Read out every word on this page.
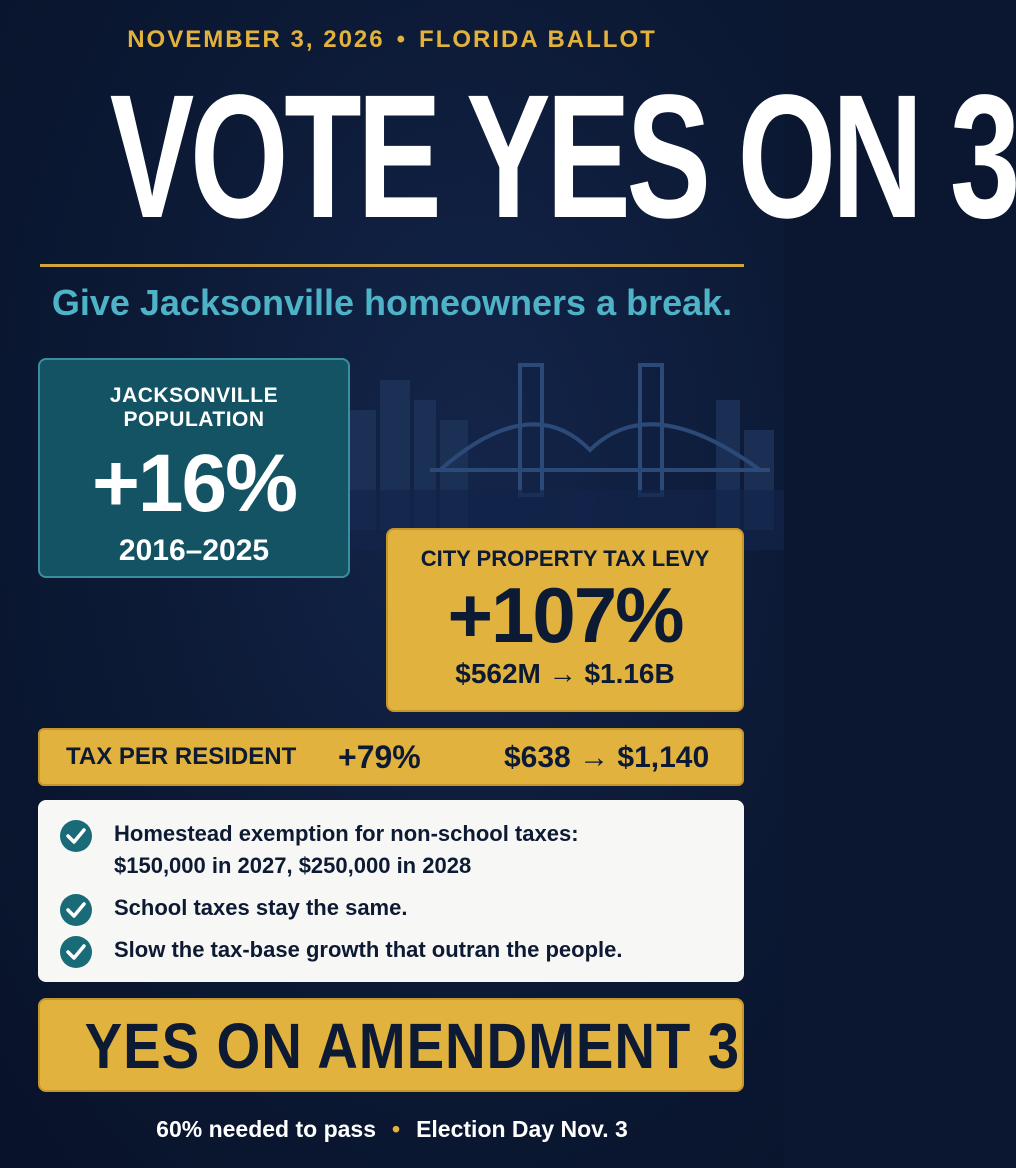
NOVEMBER 3, 2026 • FLORIDA BALLOT
VOTE YES ON 3
Give Jacksonville homeowners a break.
JACKSONVILLE POPULATION
+16%
2016–2025	CITY PROPERTY TAX LEVY
+107%
$562M → $1.16B
TAX PER RESIDENT +79%	$638 → $1,140
Homestead exemption for non-school taxes:
$150,000 in 2027, $250,000 in 2028
School taxes stay the same.
Slow the tax-base growth that outran the people.
YES ON AMENDMENT 3
60% needed to pass • Election Day Nov. 3
